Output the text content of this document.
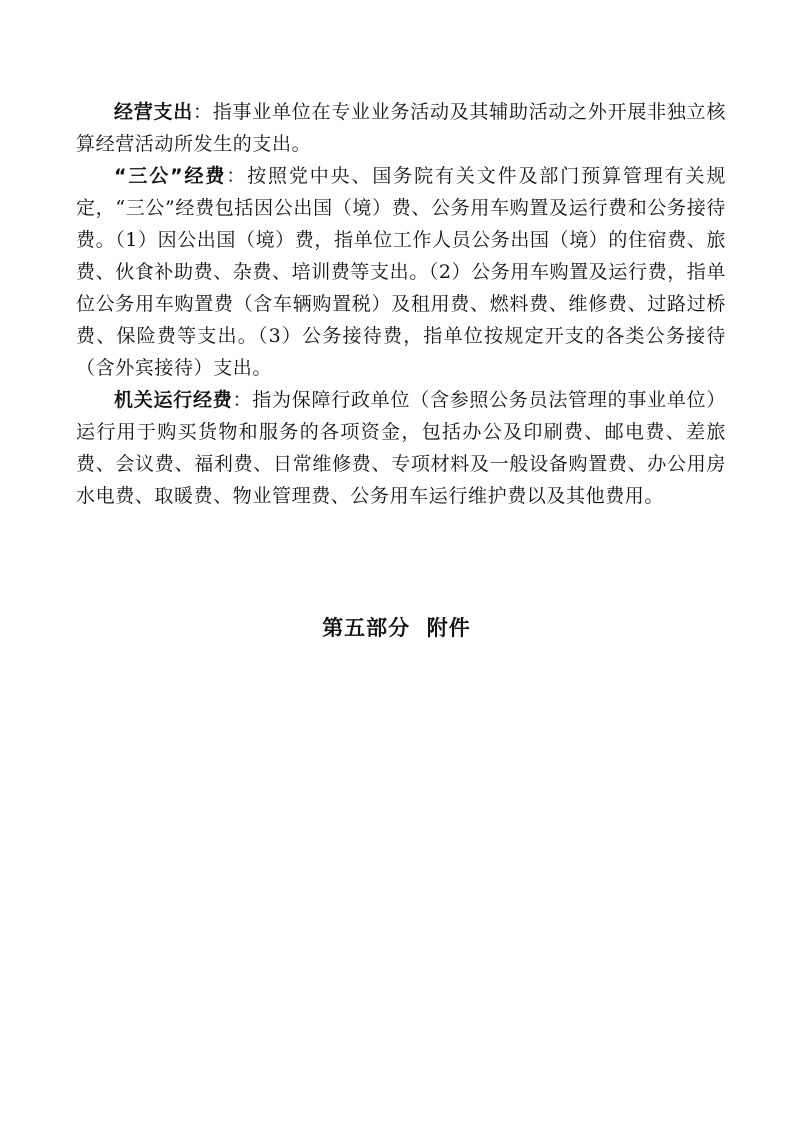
经营支出：指事业单位在专业业务活动及其辅助活动之外开展非独立核算经营活动所发生的支出。

“三公”经费：按照党中央、国务院有关文件及部门预算管理有关规定，“三公”经费包括因公出国（境）费、公务用车购置及运行费和公务接待费。（1）因公出国（境）费，指单位工作人员公务出国（境）的住宿费、旅费、伙食补助费、杂费、培训费等支出。（2）公务用车购置及运行费，指单位公务用车购置费（含车辆购置税）及租用费、燃料费、维修费、过路过桥费、保险费等支出。（3）公务接待费，指单位按规定开支的各类公务接待（含外宾接待）支出。

机关运行经费：指为保障行政单位（含参照公务员法管理的事业单位）运行用于购买货物和服务的各项资金，包括办公及印刷费、邮电费、差旅费、会议费、福利费、日常维修费、专项材料及一般设备购置费、办公用房水电费、取暖费、物业管理费、公务用车运行维护费以及其他费用。

第五部分  附件
